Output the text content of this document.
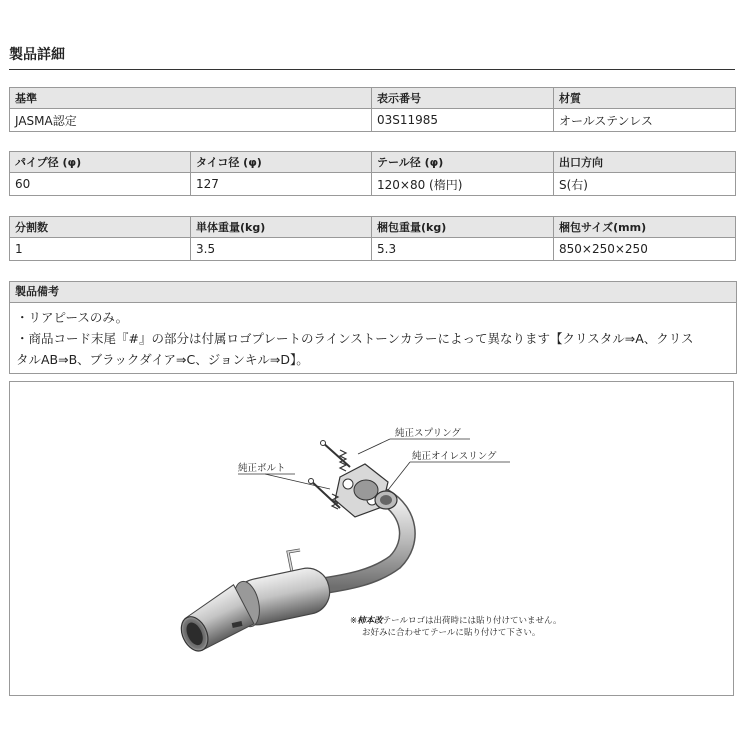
製品詳細
基準	表示番号	材質
JASMA認定	03S11985	オールステンレス
パイプ径 (φ)	タイコ径 (φ)	テール径 (φ)	出口方向
60	127	120×80 (楕円)	S(右)
分割数	単体重量(kg)	梱包重量(kg)	梱包サイズ(mm)
1	3.5	5.3	850×250×250
製品備考
・リアピースのみ。
・商品コード末尾『#』の部分は付属ロゴプレートのラインストーンカラーによって異なります【クリスタル⇒A、クリス
タルAB⇒B、ブラックダイア⇒C、ジョンキル⇒D】。
純正スプリング
純正オイレスリング
純正ボルト
※柿本改テールロゴは出荷時には貼り付けていません。
お好みに合わせてテールに貼り付けて下さい。
